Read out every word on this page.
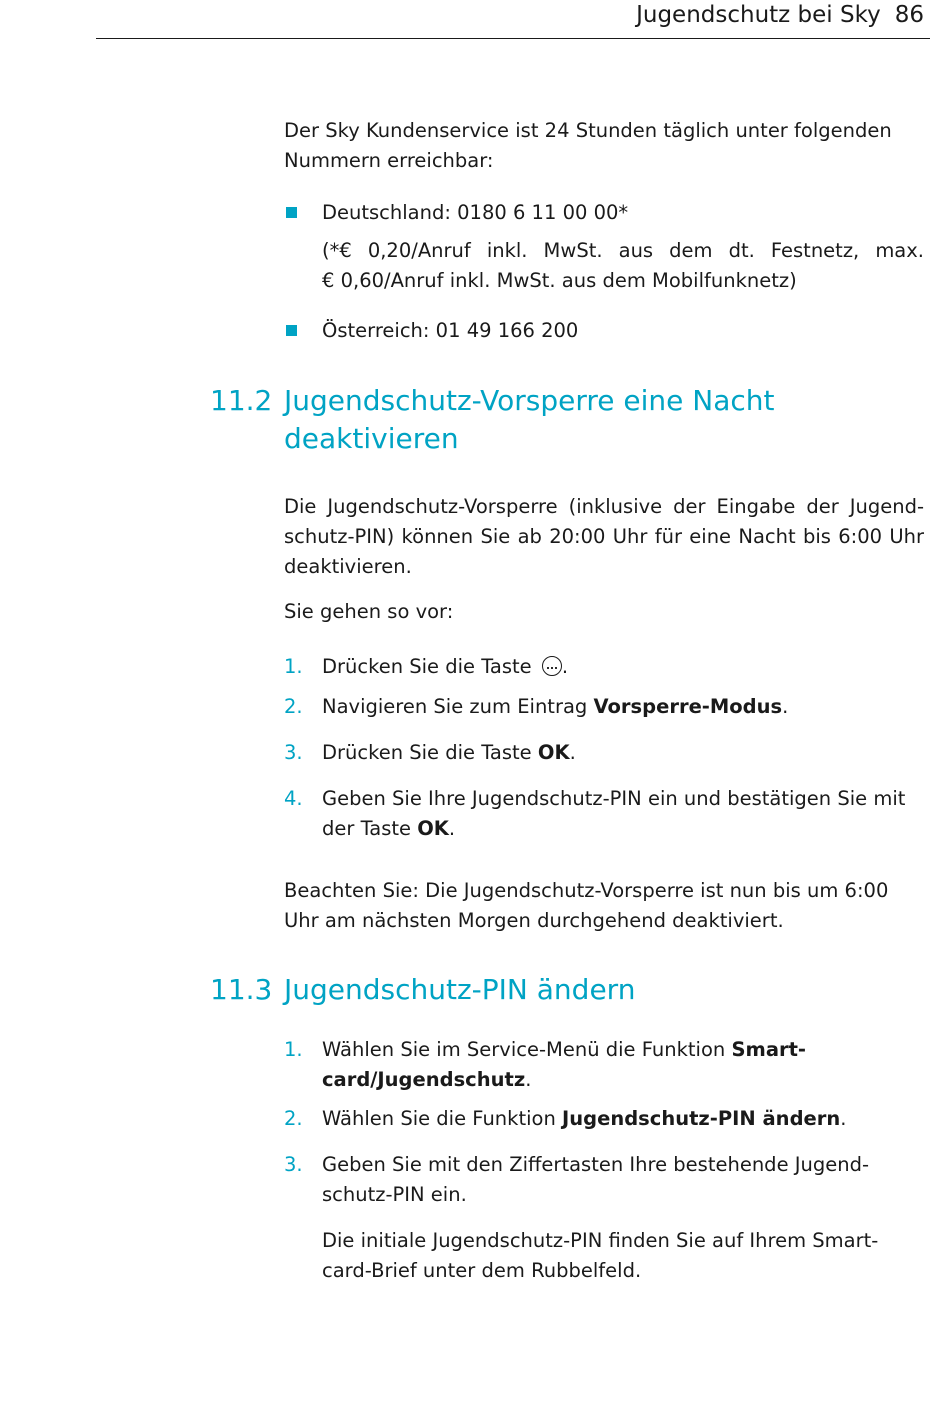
Jugendschutz bei Sky 86

Der Sky Kundenservice ist 24 Stunden täglich unter folgenden Nummern erreichbar:

Deutschland: 0180 6 11 00 00*
(*€ 0,20/Anruf inkl. MwSt. aus dem dt. Festnetz, max.
€ 0,60/Anruf inkl. MwSt. aus dem Mobilfunknetz)
Österreich: 01 49 166 200
11.2 Jugendschutz-Vorsperre eine Nacht
deaktivieren

Die Jugendschutz-Vorsperre (inklusive der Eingabe der Jugend-
schutz-PIN) können Sie ab 20:00 Uhr für eine Nacht bis 6:00 Uhr
deaktivieren.

Sie gehen so vor:

1. Drücken Sie die Taste .
2. Navigieren Sie zum Eintrag Vorsperre-Modus.
3. Drücken Sie die Taste OK.
4. Geben Sie Ihre Jugendschutz-PIN ein und bestätigen Sie mit
der Taste OK.

Beachten Sie: Die Jugendschutz-Vorsperre ist nun bis um 6:00
Uhr am nächsten Morgen durchgehend deaktiviert.

11.3 Jugendschutz-PIN ändern
1. Wählen Sie im Service-Menü die Funktion Smart-
card/Jugendschutz.
2. Wählen Sie die Funktion Jugendschutz-PIN ändern.
3. Geben Sie mit den Ziffertasten Ihre bestehende Jugend-
schutz-PIN ein.
Die initiale Jugendschutz-PIN finden Sie auf Ihrem Smart-
card-Brief unter dem Rubbelfeld.
